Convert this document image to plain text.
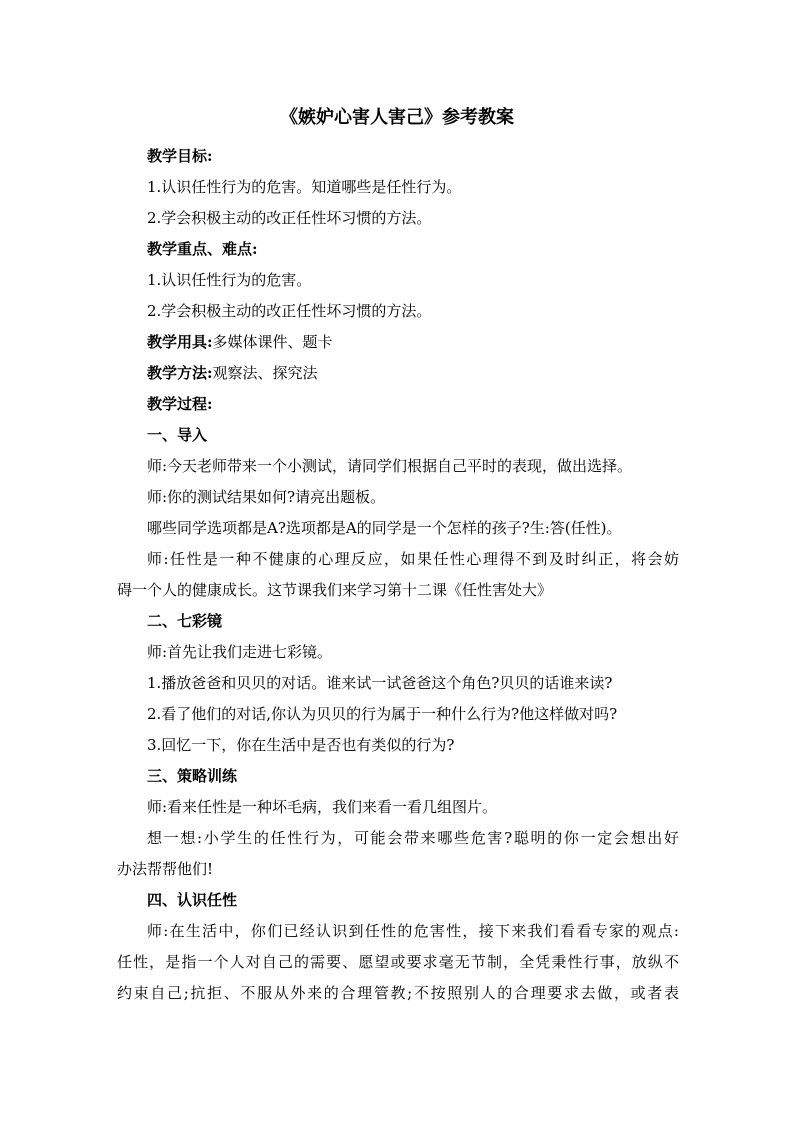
《嫉妒心害人害己》参考教案
教学目标:
1.认识任性行为的危害。知道哪些是任性行为。
2.学会积极主动的改正任性坏习惯的方法。
教学重点、难点:
1.认识任性行为的危害。
2.学会积极主动的改正任性坏习惯的方法。
教学用具:多媒体课件、题卡
教学方法:观察法、探究法
教学过程:
一、导入
师:今天老师带来一个小测试，请同学们根据自己平时的表现，做出选择。
师:你的测试结果如何?请亮出题板。
哪些同学选项都是A?选项都是A的同学是一个怎样的孩子?生:答(任性)。
师:任性是一种不健康的心理反应，如果任性心理得不到及时纠正，将会妨
碍一个人的健康成长。这节课我们来学习第十二课《任性害处大》
二、七彩镜
师:首先让我们走进七彩镜。
1.播放爸爸和贝贝的对话。谁来试一试爸爸这个角色?贝贝的话谁来读?
2.看了他们的对话,你认为贝贝的行为属于一种什么行为?他这样做对吗?
3.回忆一下，你在生活中是否也有类似的行为?
三、策略训练
师:看来任性是一种坏毛病，我们来看一看几组图片。
想一想:小学生的任性行为，可能会带来哪些危害?聪明的你一定会想出好
办法帮帮他们!
四、认识任性
师:在生活中，你们已经认识到任性的危害性，接下来我们看看专家的观点:
任性，是指一个人对自己的需要、愿望或要求毫无节制，全凭秉性行事，放纵不
约束自己;抗拒、不服从外来的合理管教;不按照别人的合理要求去做，或者表
